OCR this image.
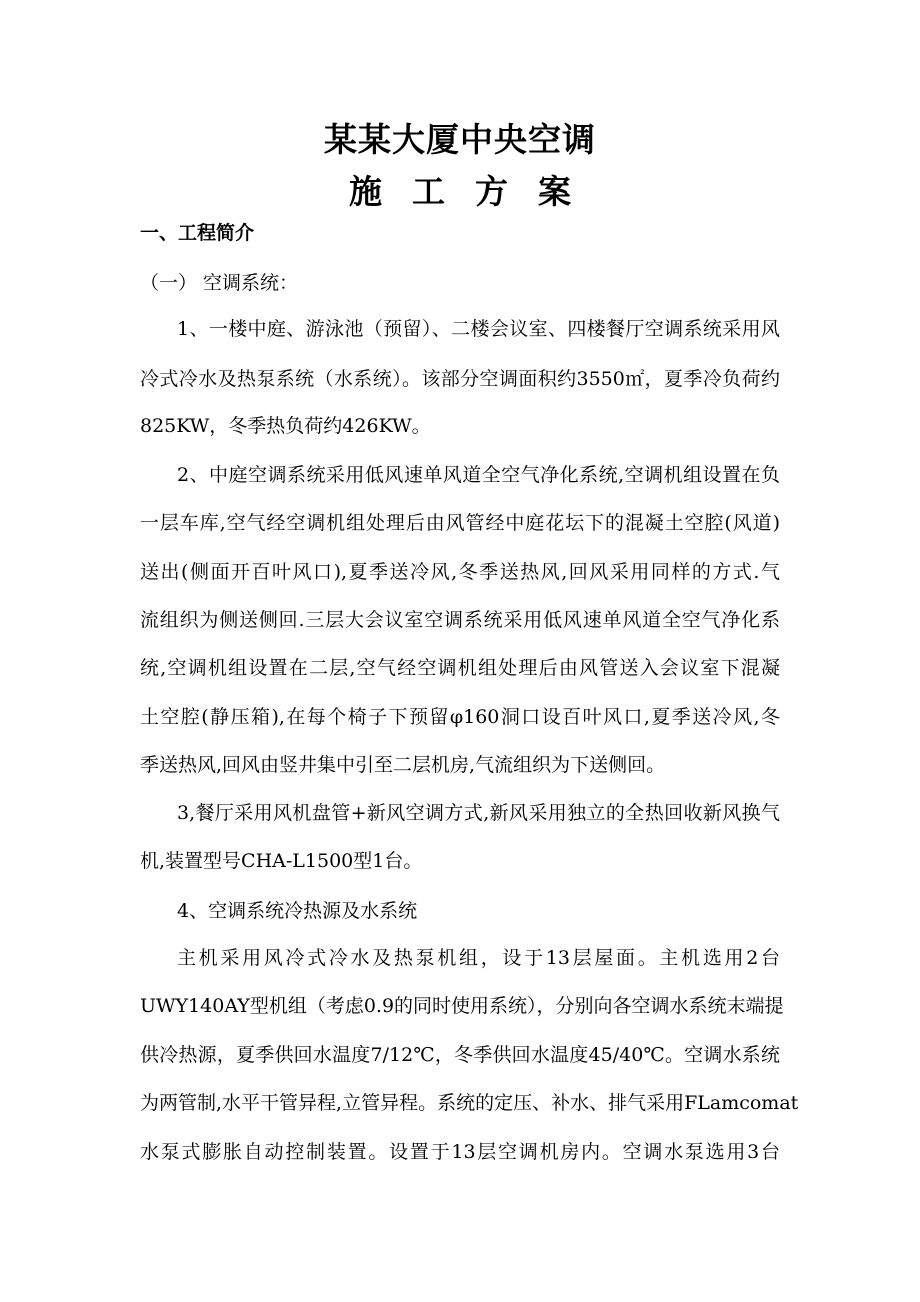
某某大厦中央空调
施工方案
一、工程简介
（一） 空调系统：
1、一楼中庭、游泳池（预留）、二楼会议室、四楼餐厅空调系统采用风
冷式冷水及热泵系统（水系统）。该部分空调面积约3550㎡，夏季冷负荷约
825KW，冬季热负荷约426KW。
2、中庭空调系统采用低风速单风道全空气净化系统,空调机组设置在负
一层车库,空气经空调机组处理后由风管经中庭花坛下的混凝土空腔(风道)
送出(侧面开百叶风口),夏季送冷风,冬季送热风,回风采用同样的方式.气
流组织为侧送侧回.三层大会议室空调系统采用低风速单风道全空气净化系
统,空调机组设置在二层,空气经空调机组处理后由风管送入会议室下混凝
土空腔(静压箱),在每个椅子下预留φ160洞口设百叶风口,夏季送冷风,冬
季送热风,回风由竖井集中引至二层机房,气流组织为下送侧回。
3,餐厅采用风机盘管+新风空调方式,新风采用独立的全热回收新风换气
机,装置型号CHA-L1500型1台。
4、空调系统冷热源及水系统
主机采用风冷式冷水及热泵机组，设于13层屋面。主机选用2台
UWY140AY型机组（考虑0.9的同时使用系统），分别向各空调水系统末端提
供冷热源，夏季供回水温度7/12℃，冬季供回水温度45/40℃。空调水系统
为两管制,水平干管异程,立管异程。系统的定压、补水、排气采用FLamcomat
水泵式膨胀自动控制装置。设置于13层空调机房内。空调水泵选用3台
